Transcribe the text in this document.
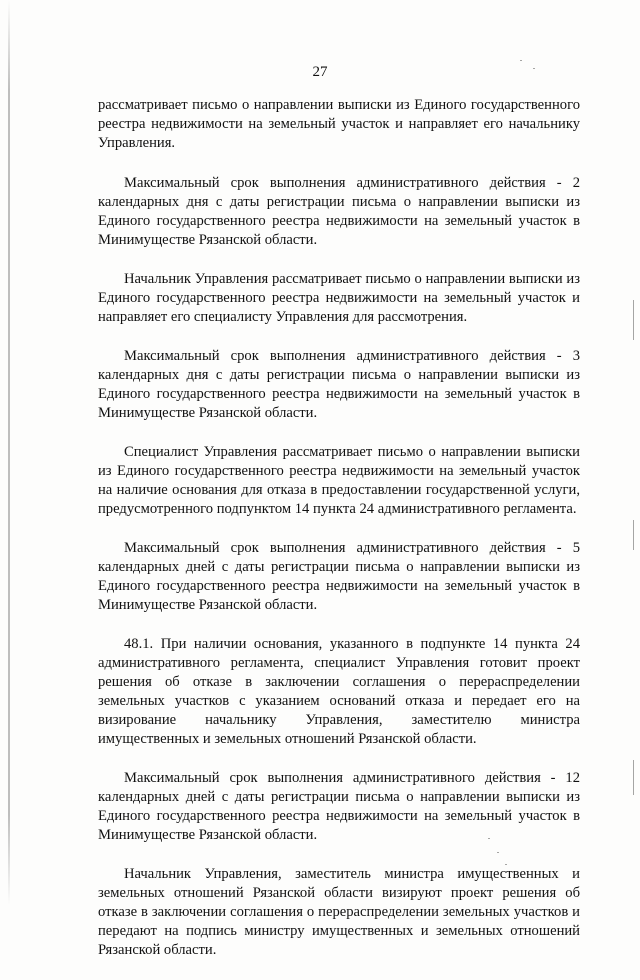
27

рассматривает письмо о направлении выписки из Единого государственного реестра недвижимости на земельный участок и направляет его начальнику Управления.

Максимальный срок выполнения административного действия - 2 календарных дня с даты регистрации письма о направлении выписки из Единого государственного реестра недвижимости на земельный участок в Минимуществе Рязанской области.

Начальник Управления рассматривает письмо о направлении выписки из Единого государственного реестра недвижимости на земельный участок и направляет его специалисту Управления для рассмотрения.

Максимальный срок выполнения административного действия - 3 календарных дня с даты регистрации письма о направлении выписки из Единого государственного реестра недвижимости на земельный участок в Минимуществе Рязанской области.

Специалист Управления рассматривает письмо о направлении выписки из Единого государственного реестра недвижимости на земельный участок на наличие основания для отказа в предоставлении государственной услуги, предусмотренного подпунктом 14 пункта 24 административного регламента.

Максимальный срок выполнения административного действия - 5 календарных дней с даты регистрации письма о направлении выписки из Единого государственного реестра недвижимости на земельный участок в Минимуществе Рязанской области.

48.1. При наличии основания, указанного в подпункте 14 пункта 24 административного регламента, специалист Управления готовит проект решения об отказе в заключении соглашения о перераспределении земельных участков с указанием оснований отказа и передает его на визирование начальнику Управления, заместителю министра имущественных и земельных отношений Рязанской области.

Максимальный срок выполнения административного действия - 12 календарных дней с даты регистрации письма о направлении выписки из Единого государственного реестра недвижимости на земельный участок в Минимуществе Рязанской области.

Начальник Управления, заместитель министра имущественных и земельных отношений Рязанской области визируют проект решения об отказе в заключении соглашения о перераспределении земельных участков и передают на подпись министру имущественных и земельных отношений Рязанской области.
